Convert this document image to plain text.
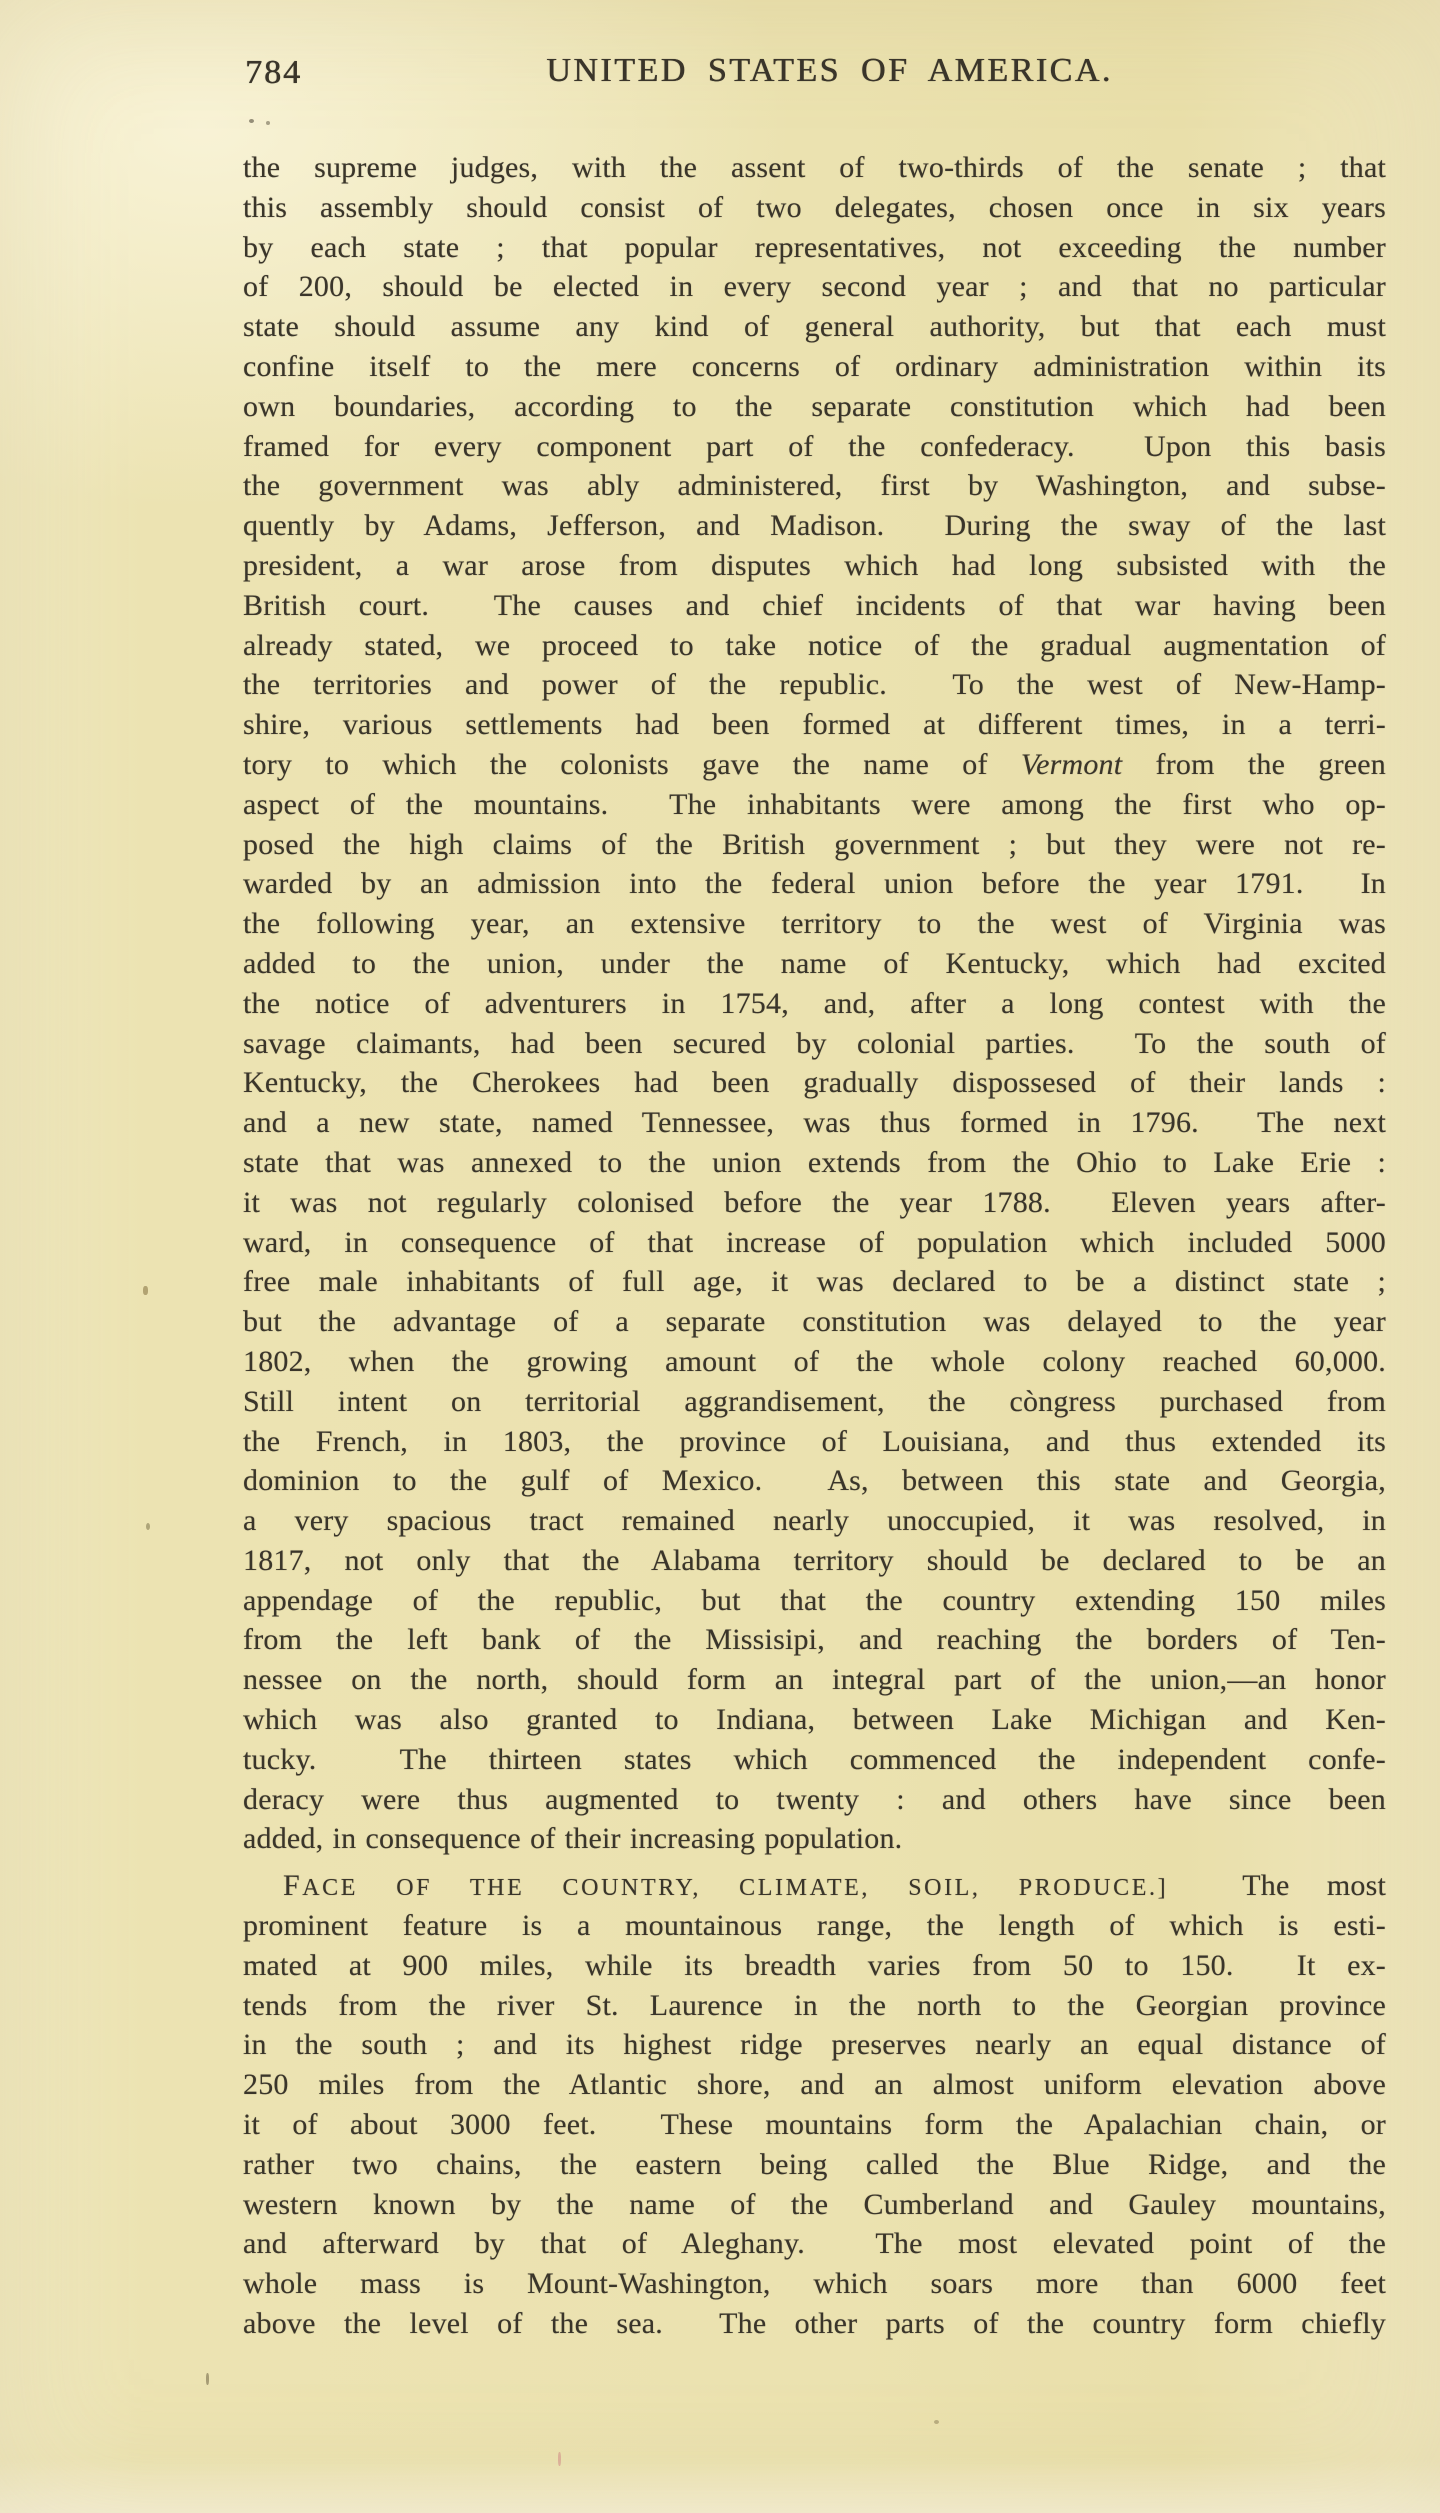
784	UNITED STATES OF AMERICA.
the supreme judges, with the assent of two-thirds of the senate ; that
this assembly should consist of two delegates, chosen once in six years
by each state ; that popular representatives, not exceeding the number
of 200, should be elected in every second year ; and that no particular
state should assume any kind of general authority, but that each must
confine itself to the mere concerns of ordinary administration within its
own boundaries, according to the separate constitution which had been
framed for every component part of the confederacy.  Upon this basis
the government was ably administered, first by Washington, and subse-
quently by Adams, Jefferson, and Madison.  During the sway of the last
president, a war arose from disputes which had long subsisted with the
British court.  The causes and chief incidents of that war having been
already stated, we proceed to take notice of the gradual augmentation of
the territories and power of the republic.  To the west of New-Hamp-
shire, various settlements had been formed at different times, in a terri-
tory to which the colonists gave the name of Vermont from the green
aspect of the mountains.  The inhabitants were among the first who op-
posed the high claims of the British government ; but they were not re-
warded by an admission into the federal union before the year 1791.  In
the following year, an extensive territory to the west of Virginia was
added to the union, under the name of Kentucky, which had excited
the notice of adventurers in 1754, and, after a long contest with the
savage claimants, had been secured by colonial parties.  To the south of
Kentucky, the Cherokees had been gradually dispossesed of their lands :
and a new state, named Tennessee, was thus formed in 1796.  The next
state that was annexed to the union extends from the Ohio to Lake Erie :
it was not regularly colonised before the year 1788.  Eleven years after-
ward, in consequence of that increase of population which included 5000
free male inhabitants of full age, it was declared to be a distinct state ;
but the advantage of a separate constitution was delayed to the year
1802, when the growing amount of the whole colony reached 60,000.
Still intent on territorial aggrandisement, the còngress purchased from
the French, in 1803, the province of Louisiana, and thus extended its
dominion to the gulf of Mexico.  As, between this state and Georgia,
a very spacious tract remained nearly unoccupied, it was resolved, in
1817, not only that the Alabama territory should be declared to be an
appendage of the republic, but that the country extending 150 miles
from the left bank of the Missisipi, and reaching the borders of Ten-
nessee on the north, should form an integral part of the union,—an honor
which was also granted to Indiana, between Lake Michigan and Ken-
tucky.  The thirteen states which commenced the independent confe-
deracy were thus augmented to twenty : and others have since been
added, in consequence of their increasing population.
FACE OF THE COUNTRY, CLIMATE, SOIL, PRODUCE.]  The most
prominent feature is a mountainous range, the length of which is esti-
mated at 900 miles, while its breadth varies from 50 to 150.  It ex-
tends from the river St. Laurence in the north to the Georgian province
in the south ; and its highest ridge preserves nearly an equal distance of
250 miles from the Atlantic shore, and an almost uniform elevation above
it of about 3000 feet.  These mountains form the Apalachian chain, or
rather two chains, the eastern being called the Blue Ridge, and the
western known by the name of the Cumberland and Gauley mountains,
and afterward by that of Aleghany.  The most elevated point of the
whole mass is Mount-Washington, which soars more than 6000 feet
above the level of the sea.  The other parts of the country form chiefly
